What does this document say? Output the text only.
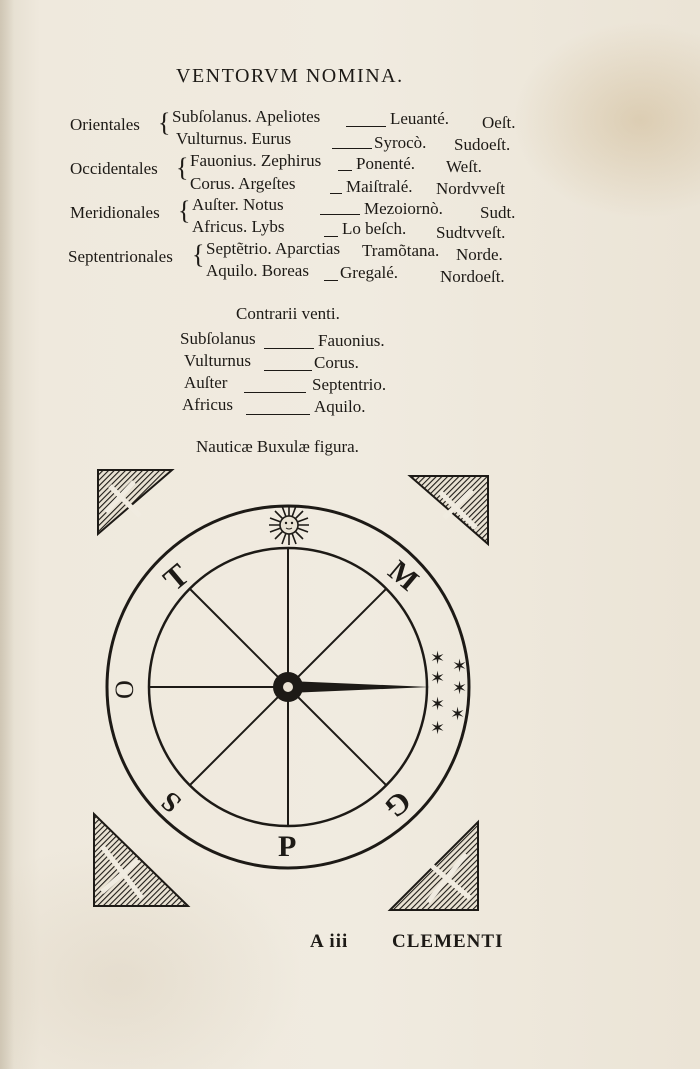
VENTORVM NOMINA.
Orientales { Subſolanus. Apeliotes	Leuanté. Oeſt.
Vulturnus. Eurus	Syrocò. Sudoeſt.
Occidentales { Fauonius. Zephirus Ponenté. Weſt.
Corus. Argeſtes	Maiſtralé. Nordvveſt
Meridionales { Auſter. Notus	Mezoiornò. Sudt.
Africus. Lybs	Lo beſch. Sudtvveſt.
Septentrionales { Septẽtrio. Aparctias Tramõtana. Norde.
Aquilo. Boreas Gregalé. Nordoeſt.
Contrarii venti.
Subſolanus	Fauonius.
Vulturnus	Corus.
Auſter	Septentrio.
Africus	Aquilo.
Nauticæ Buxulæ figura.
✶ ✶
✶ ✶
✶ ✶
✶
T	M
O
S	G
P
A iii CLEMENTI
